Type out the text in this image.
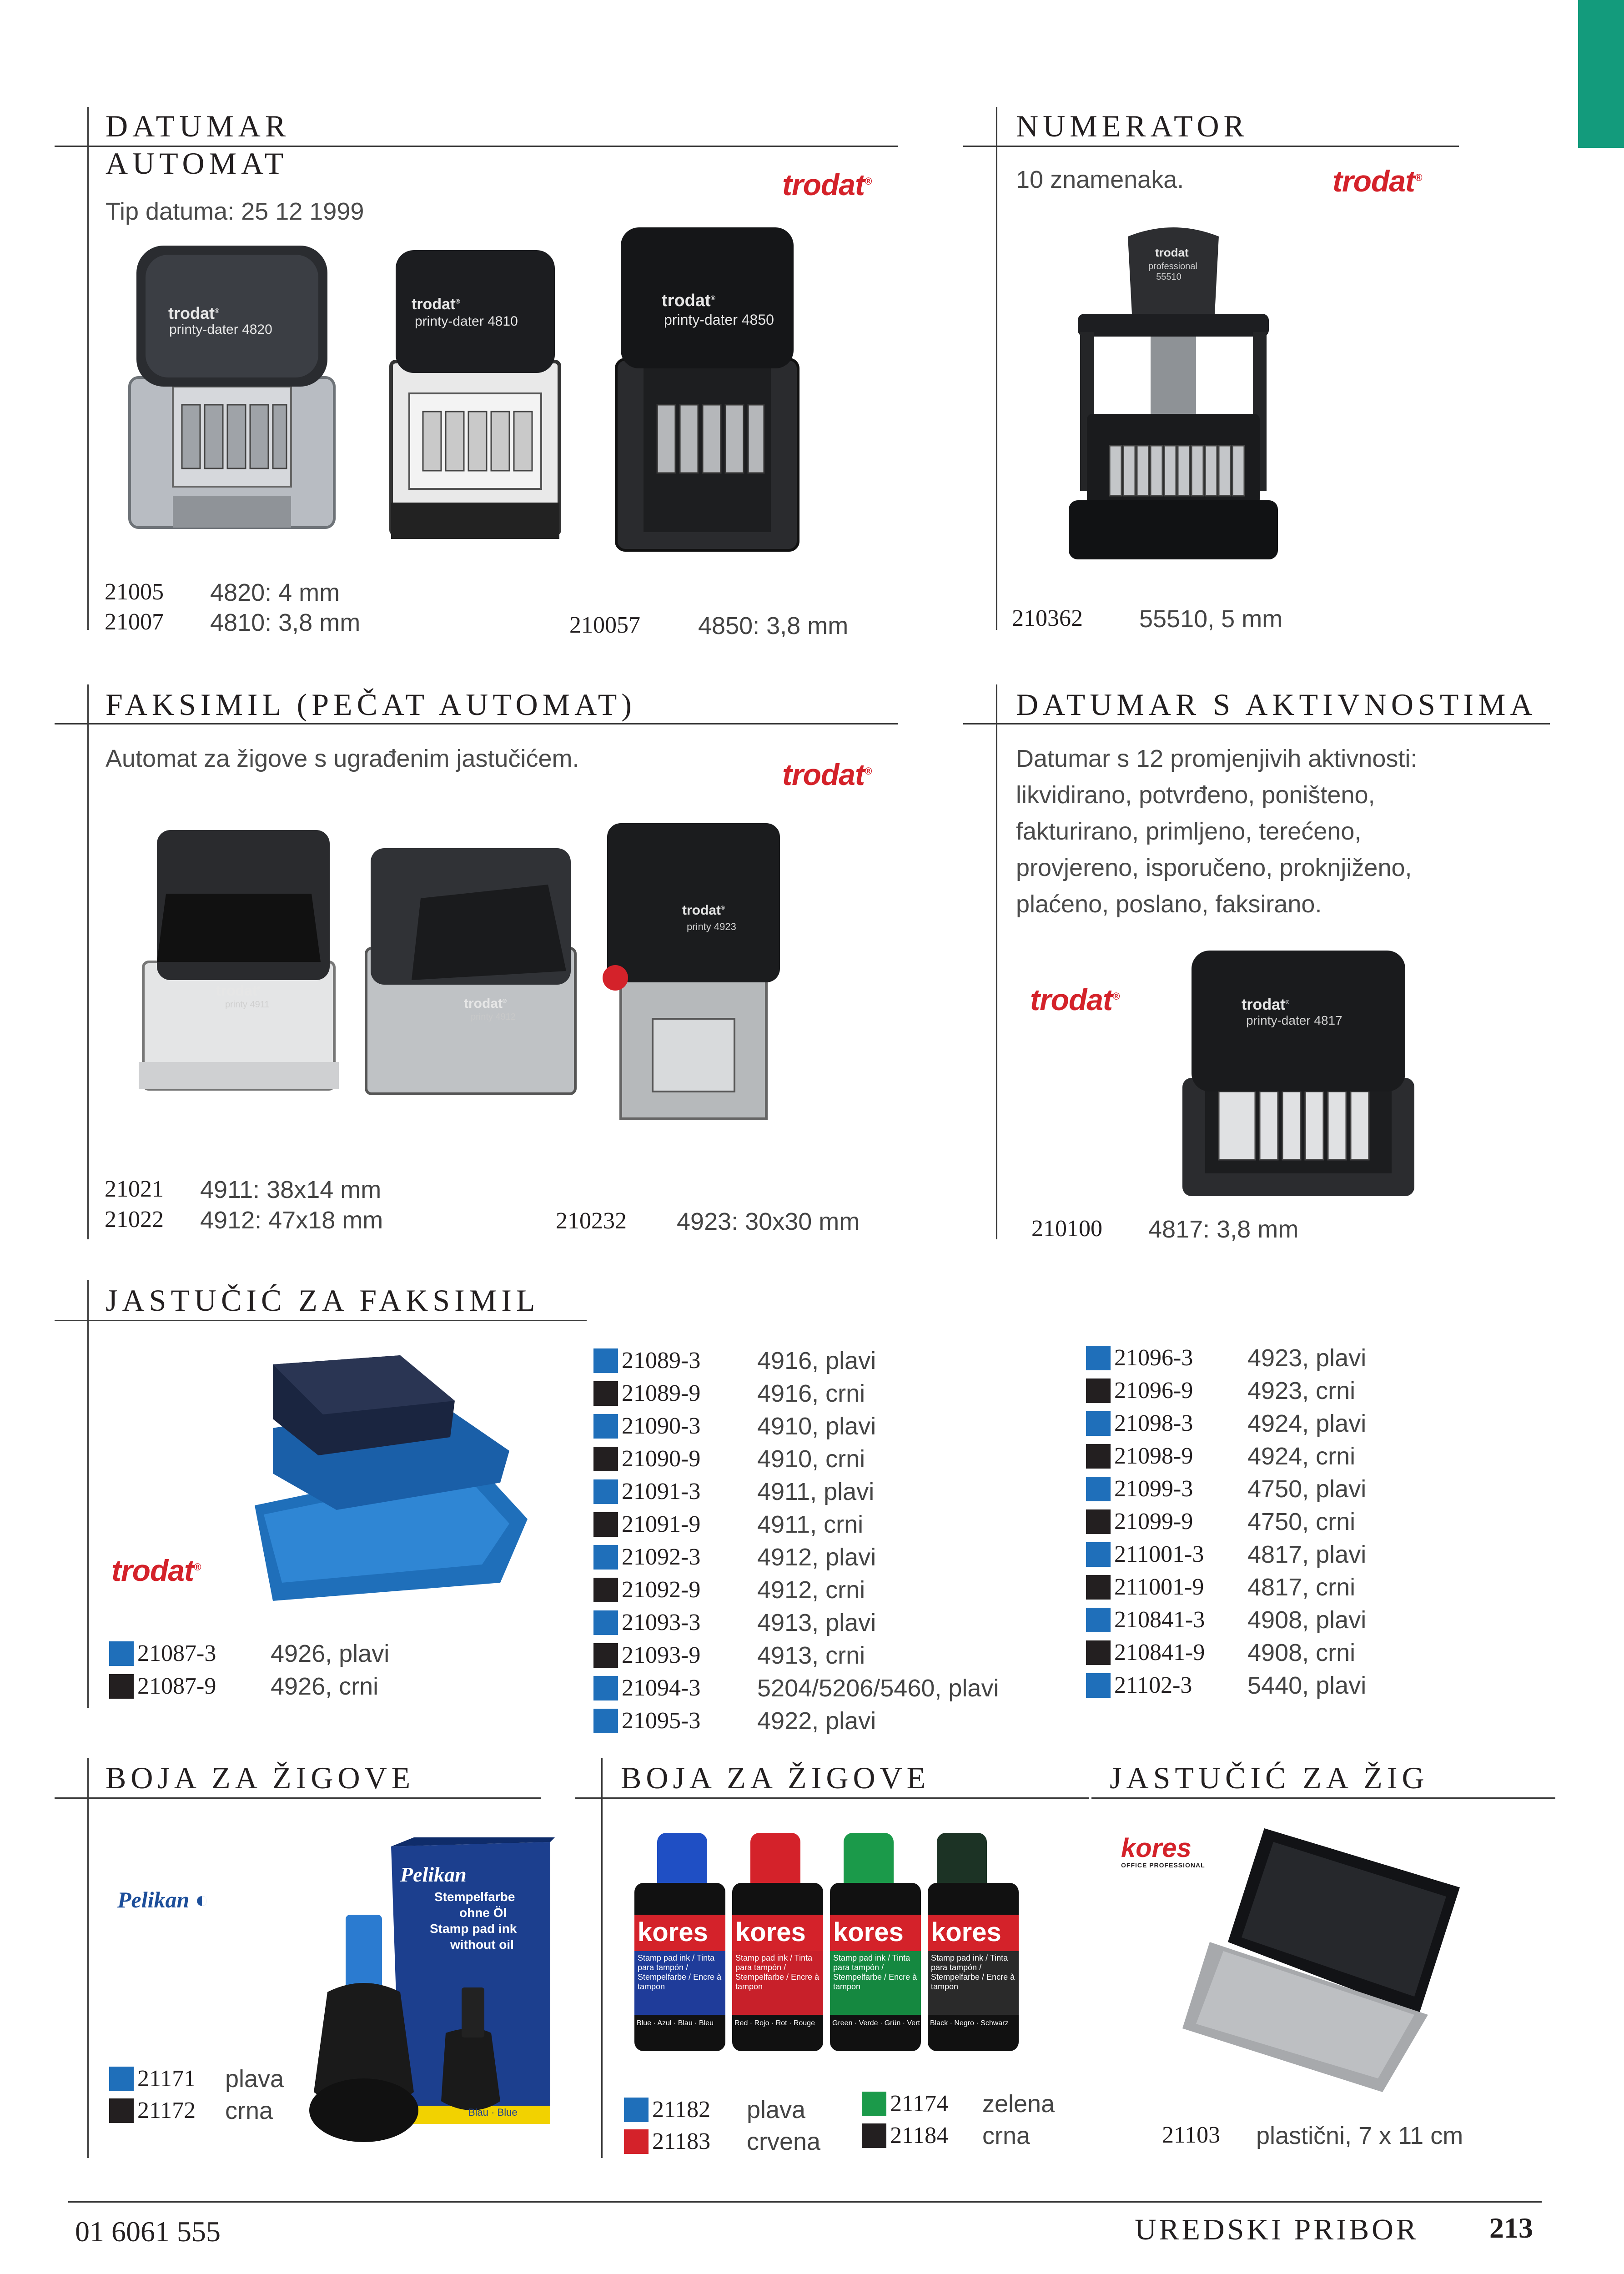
DATUMAR
AUTOMAT
Tip datuma: 25 12 1999
trodat®
trodat®
printy-dater 4820
trodat®
printy-dater 4810
trodat®
printy-dater 4850
21005 4820: 4 mm
21007 4810: 3,8 mm	210057 4850: 3,8 mm
NUMERATOR
10 znamenaka.	trodat®
trodat
professional 55510
210362 55510, 5 mm
FAKSIMIL (PEČAT AUTOMAT)
Automat za žigove s ugrađenim jastučićem.	trodat®
trodat®
printy 4911	trodat®
printy 4912
trodat®
printy 4923
21021 4911: 38x14 mm
21022 4912: 47x18 mm	210232 4923: 30x30 mm
DATUMAR S AKTIVNOSTIMA
Datumar s 12 promjenjivih aktivnosti:
likvidirano, potvrđeno, poništeno,
fakturirano, primljeno, terećeno,
provjereno, isporučeno, proknjiženo,
plaćeno, poslano, faksirano.
trodat®	trodat®
printy-dater 4817
210100 4817: 3,8 mm
JASTUČIĆ ZA FAKSIMIL
trodat®
21087-3 4926, plavi
21087-9 4926, crni
21089-3 4916, plavi
21089-9 4916, crni
21090-3 4910, plavi
21090-9 4910, crni
21091-3 4911, plavi
21091-9 4911, crni
21092-3 4912, plavi
21092-9 4912, crni
21093-3 4913, plavi
21093-9 4913, crni
21094-3 5204/5206/5460, plavi
21095-3 4922, plavi
21096-3 4923, plavi
21096-9 4923, crni
21098-3 4924, plavi
21098-9 4924, crni
21099-3 4750, plavi
21099-9 4750, crni
211001-3 4817, plavi
211001-9 4817, crni
210841-3 4908, plavi
210841-9 4908, crni
21102-3 5440, plavi
BOJA ZA ŽIGOVE
Pelikan ◐
Pelikan
Stempelfarbe
ohne Öl
Stamp pad ink
without oil
Blau · Blue
21171 plava
21172 crna
BOJA ZA ŽIGOVE
kores kores kores kores
Stamp pad ink / Tinta para tampón / Stempelfarbe / Encre à tampon
Stamp pad ink / Tinta para tampón / Stempelfarbe / Encre à tampon
Stamp pad ink / Tinta para tampón / Stempelfarbe / Encre à tampon
Stamp pad ink / Tinta para tampón / Stempelfarbe / Encre à tampon
Blue · Azul · Blau · Bleu	Red · Rojo · Rot · Rouge	Green · Verde · Grün · Vert	Black · Negro · Schwarz
21182 plava
21183 crvena
21174 zelena
21184 crna
JASTUČIĆ ZA ŽIG
kores
OFFICE PROFESSIONAL
21103 plastični, 7 x 11 cm
01 6061 555	UREDSKI PRIBOR 213
